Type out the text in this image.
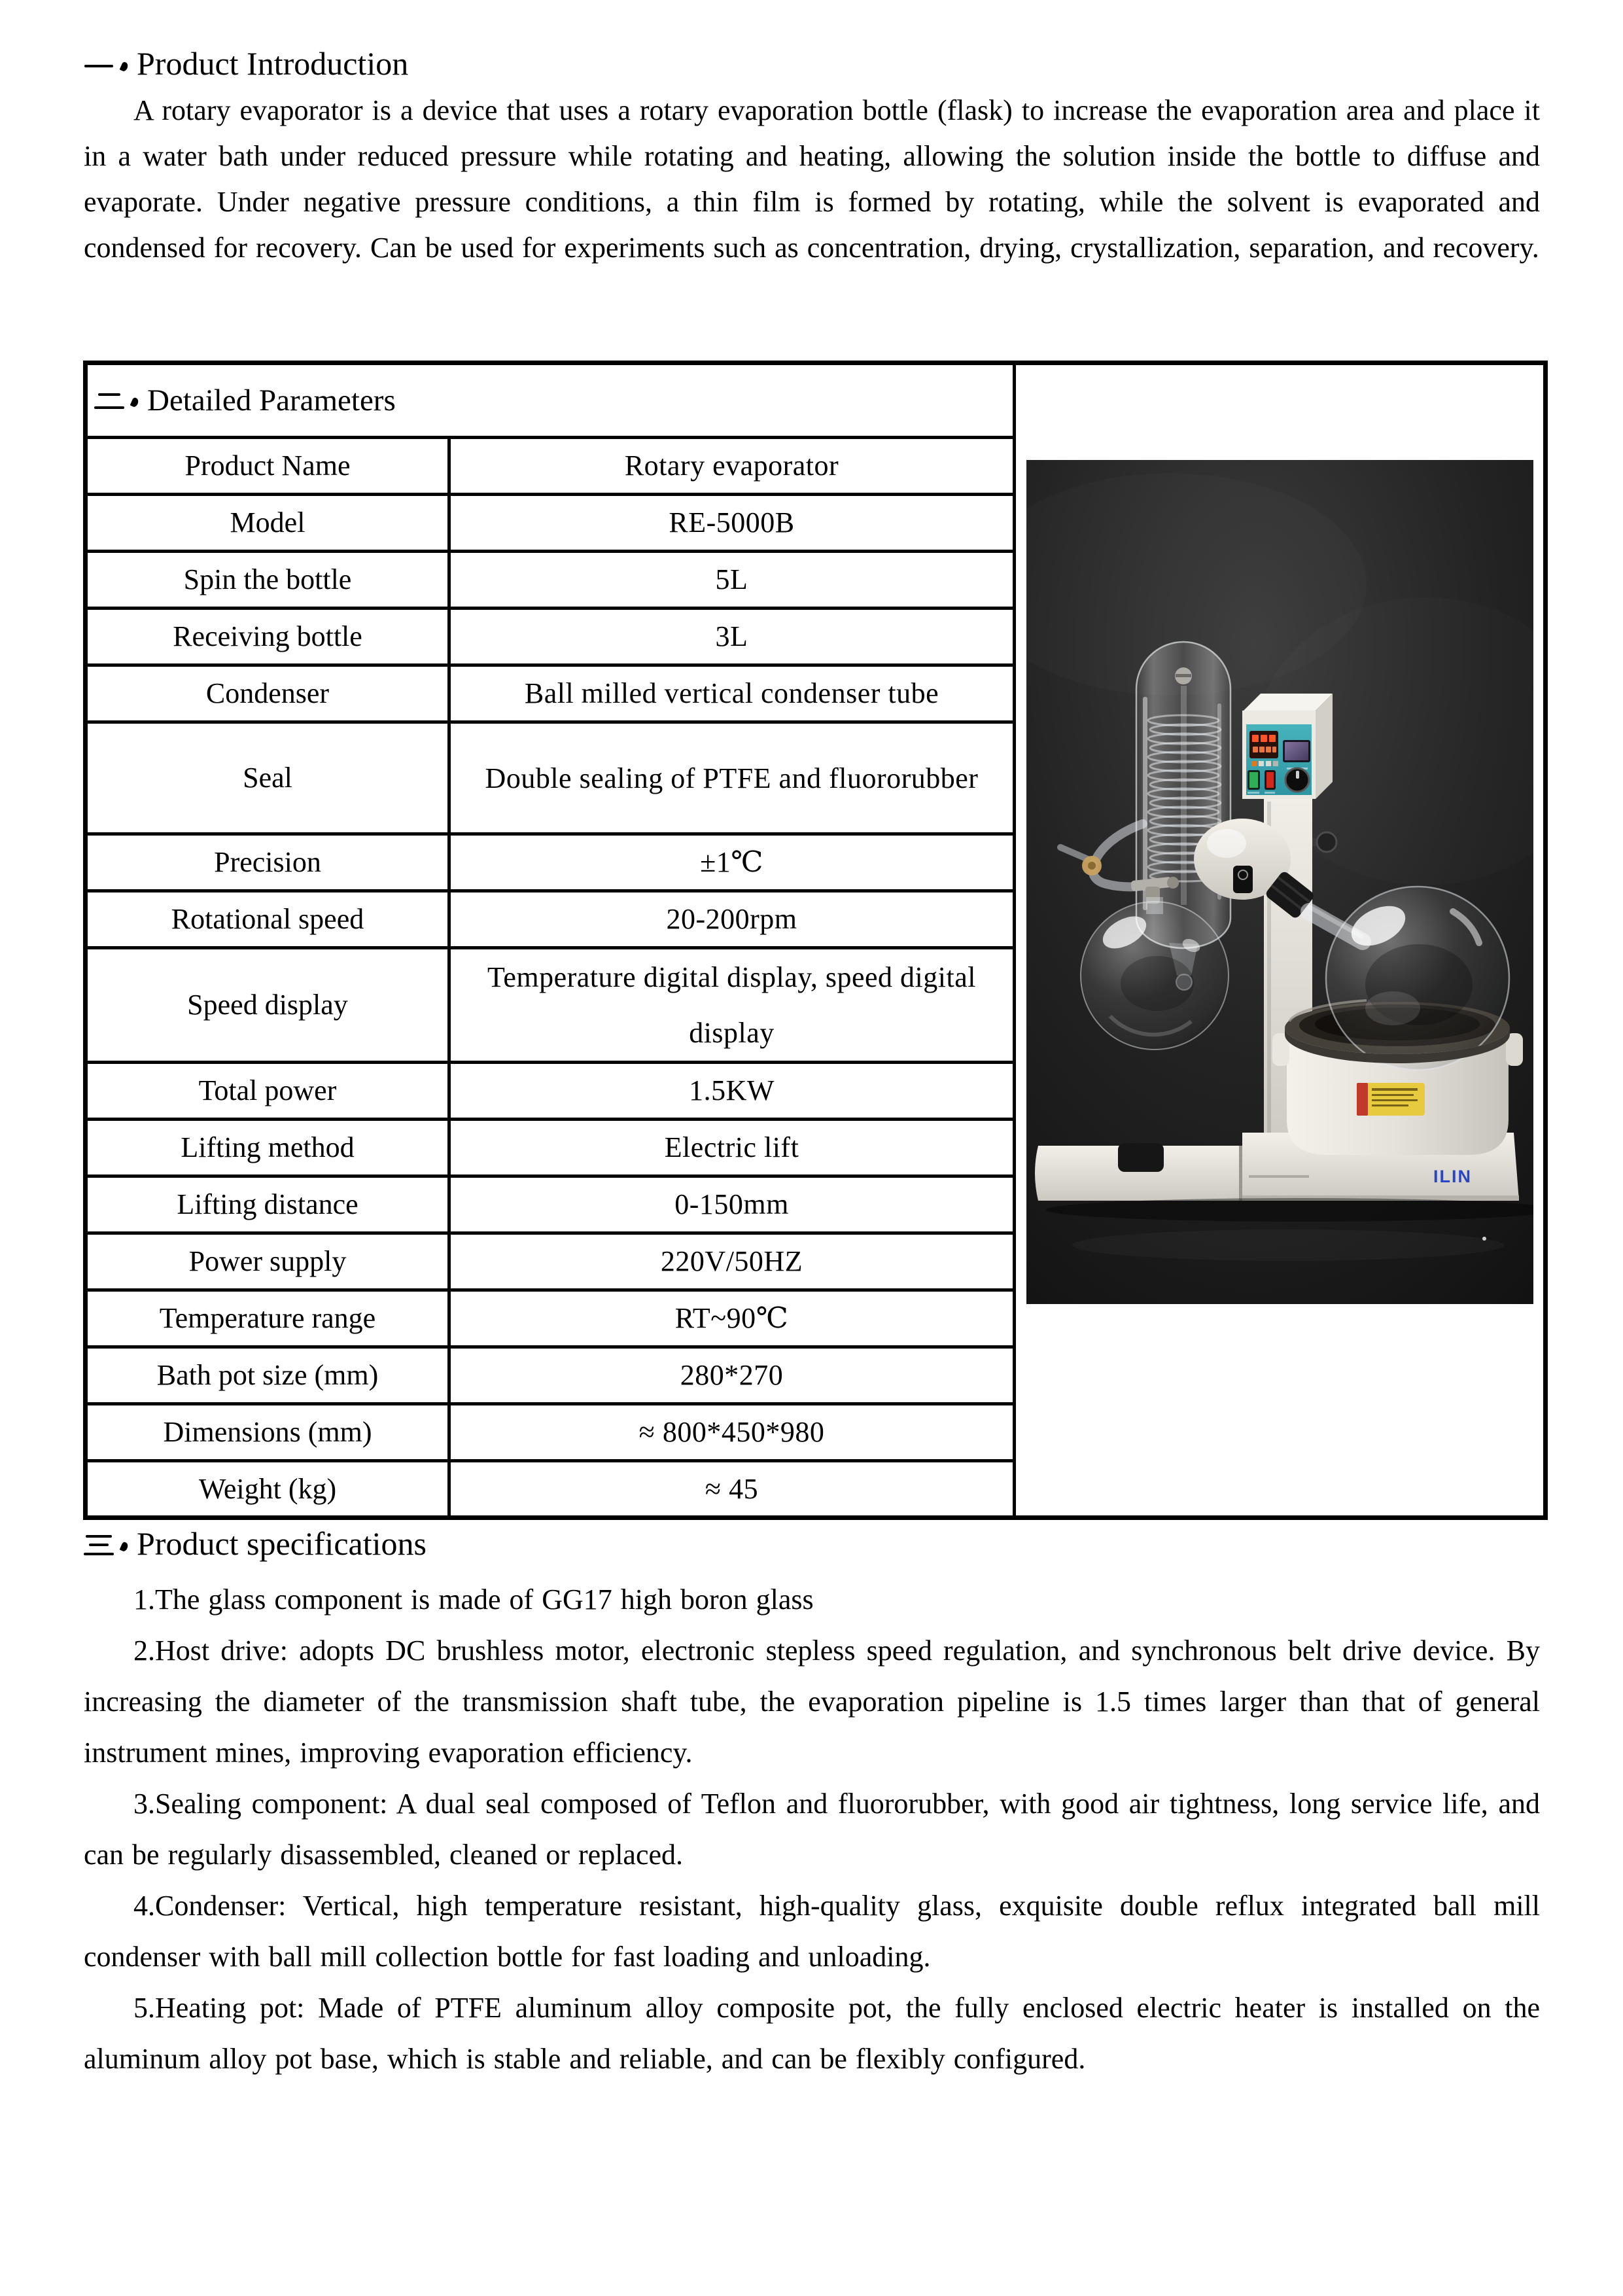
Product Introduction

A rotary evaporator is a device that uses a rotary evaporation bottle (flask) to increase the evaporation area and place it in a water bath under reduced pressure while rotating and heating, allowing the solution inside the bottle to diffuse and evaporate. Under negative pressure conditions, a thin film is formed by rotating, while the solvent is evaporated and condensed for recovery. Can be used for experiments such as concentration, drying, crystallization, separation, and recovery.

Detailed Parameters		ILIN

Product Name	Rotary evaporator	
Model	RE-5000B	
Spin the bottle	5L	
Receiving bottle	3L	
Condenser	Ball milled vertical condenser tube	
Seal	Double sealing of PTFE and fluororubber	
Precision	±1℃	
Rotational speed	20-200rpm	
Speed display	Temperature digital display, speed digital display	
Total power	1.5KW	
Lifting method	Electric lift	
Lifting distance	0-150mm	
Power supply	220V/50HZ	
Temperature range	RT~90℃	
Bath pot size (mm)	280*270	
Dimensions (mm)	≈ 800*450*980	
Weight (kg)	≈ 45	
Product specifications

1.The glass component is made of GG17 high boron glass

2.Host drive: adopts DC brushless motor, electronic stepless speed regulation, and synchronous belt drive device. By increasing the diameter of the transmission shaft tube, the evaporation pipeline is 1.5 times larger than that of general instrument mines, improving evaporation efficiency.

3.Sealing component: A dual seal composed of Teflon and fluororubber, with good air tightness, long service life, and can be regularly disassembled, cleaned or replaced.

4.Condenser: Vertical, high temperature resistant, high-quality glass, exquisite double reflux integrated ball mill condenser with ball mill collection bottle for fast loading and unloading.

5.Heating pot: Made of PTFE aluminum alloy composite pot, the fully enclosed electric heater is installed on the aluminum alloy pot base, which is stable and reliable, and can be flexibly configured.
